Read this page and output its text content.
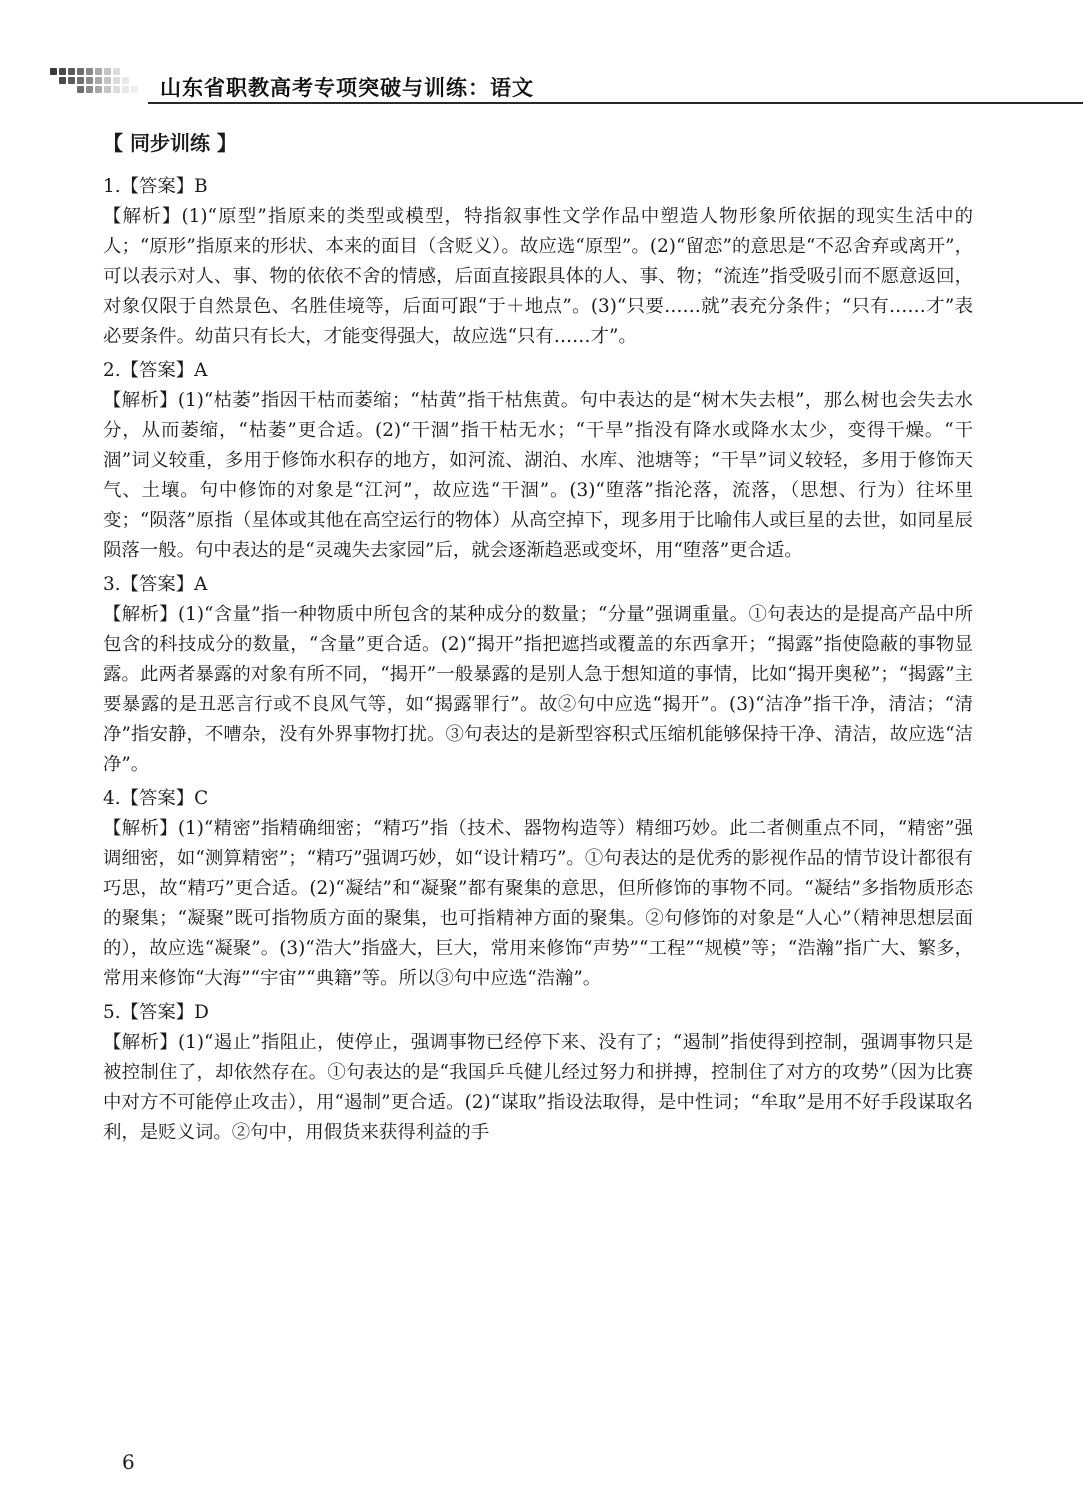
山东省职教高考专项突破与训练：语文
【 同步训练 】

1.【答案】B

【解析】(1)“原型”指原来的类型或模型，特指叙事性文学作品中塑造人物形象所依据的现实生活中的人；“原形”指原来的形状、本来的面目（含贬义）。故应选“原型”。(2)“留恋”的意思是“不忍舍弃或离开”，可以表示对人、事、物的依依不舍的情感，后面直接跟具体的人、事、物；“流连”指受吸引而不愿意返回，对象仅限于自然景色、名胜佳境等，后面可跟“于＋地点”。(3)“只要……就”表充分条件；“只有……才”表必要条件。幼苗只有长大，才能变得强大，故应选“只有……才”。

2.【答案】A

【解析】(1)“枯萎”指因干枯而萎缩；“枯黄”指干枯焦黄。句中表达的是“树木失去根”，那么树也会失去水分，从而萎缩，“枯萎”更合适。(2)“干涸”指干枯无水；“干旱”指没有降水或降水太少，变得干燥。“干涸”词义较重，多用于修饰水积存的地方，如河流、湖泊、水库、池塘等；“干旱”词义较轻，多用于修饰天气、土壤。句中修饰的对象是“江河”，故应选“干涸”。(3)“堕落”指沦落，流落，（思想、行为）往坏里变；“陨落”原指（星体或其他在高空运行的物体）从高空掉下，现多用于比喻伟人或巨星的去世，如同星辰陨落一般。句中表达的是“灵魂失去家园”后，就会逐渐趋恶或变坏，用“堕落”更合适。

3.【答案】A

【解析】(1)“含量”指一种物质中所包含的某种成分的数量；“分量”强调重量。①句表达的是提高产品中所包含的科技成分的数量，“含量”更合适。(2)“揭开”指把遮挡或覆盖的东西拿开；“揭露”指使隐蔽的事物显露。此两者暴露的对象有所不同，“揭开”一般暴露的是别人急于想知道的事情，比如“揭开奥秘”；“揭露”主要暴露的是丑恶言行或不良风气等，如“揭露罪行”。故②句中应选“揭开”。(3)“洁净”指干净，清洁；“清净”指安静，不嘈杂，没有外界事物打扰。③句表达的是新型容积式压缩机能够保持干净、清洁，故应选“洁净”。

4.【答案】C

【解析】(1)“精密”指精确细密；“精巧”指（技术、器物构造等）精细巧妙。此二者侧重点不同，“精密”强调细密，如“测算精密”；“精巧”强调巧妙，如“设计精巧”。①句表达的是优秀的影视作品的情节设计都很有巧思，故“精巧”更合适。(2)“凝结”和“凝聚”都有聚集的意思，但所修饰的事物不同。“凝结”多指物质形态的聚集；“凝聚”既可指物质方面的聚集，也可指精神方面的聚集。②句修饰的对象是“人心”（精神思想层面的），故应选“凝聚”。(3)“浩大”指盛大，巨大，常用来修饰“声势”“工程”“规模”等；“浩瀚”指广大、繁多，常用来修饰“大海”“宇宙”“典籍”等。所以③句中应选“浩瀚”。

5.【答案】D

【解析】(1)“遏止”指阻止，使停止，强调事物已经停下来、没有了；“遏制”指使得到控制，强调事物只是被控制住了，却依然存在。①句表达的是“我国乒乓健儿经过努力和拼搏，控制住了对方的攻势”（因为比赛中对方不可能停止攻击），用“遏制”更合适。(2)“谋取”指设法取得，是中性词；“牟取”是用不好手段谋取名利，是贬义词。②句中，用假货来获得利益的手

6
